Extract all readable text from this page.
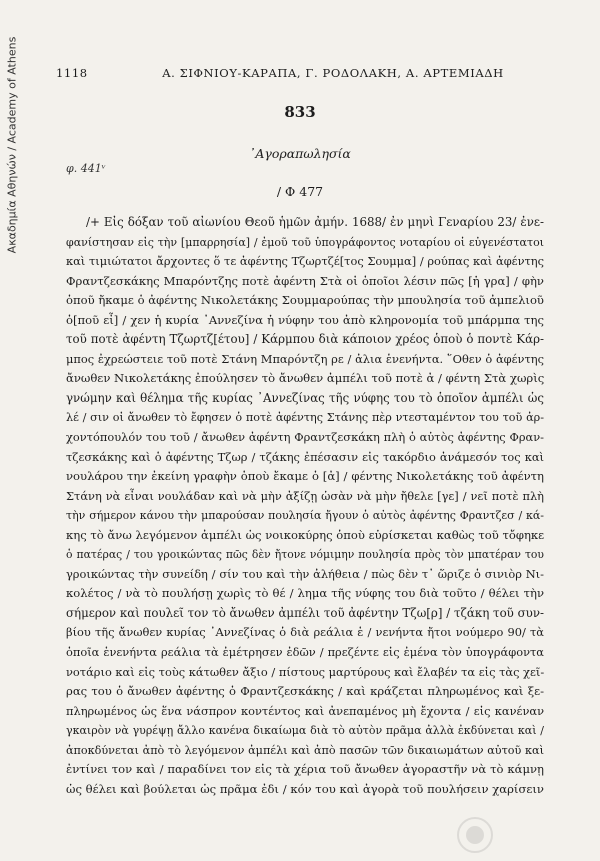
Ακαδημία Αθηνών / Academy of Athens	1118	Α. ΣΙΦΝΙΟΥ-ΚΑΡΑΠΑ, Γ. ΡΟΔΟΛΑΚΗ, Α. ΑΡΤΕΜΙΑΔΗ
833
᾿Αγοραπωλησία
φ. 441ᵛ
/ Φ 477
/+ Εἰς δόξαν τοῦ αἰωνίου Θεοῦ ἡμῶν ἀμήν. 1688/ ἐν μηνὶ Γεναρίου 23/ ἐνε-
φανίστησαν εἰς τὴν [μπαρρησία] / ἐμοῦ τοῦ ὑπογράφοντος νοταρίου οἱ εὐγενέστατοι
καὶ τιμιώτατοι ἄρχοντες ὅ τε ἀφέντης Τζωρτζέ[τος Σουμμα] / ρούπας καὶ ἀφέντης
Φραντζεσκάκης Μπαρόντζης ποτὲ ἀφέντη Στὰ οἱ ὁποῖοι λέσιν πῶς [ἡ γρα] / φὴν
ὁποῦ ἤκαμε ὁ ἀφέντης Νικολετάκης Σουμμαρούπας τὴν μπουλησία τοῦ ἀμπελιοῦ
ὁ[ποῦ εἶ] / χεν ἡ κυρία ᾿Αννεζίνα ἡ νύφην του ἀπὸ κληρονομία τοῦ μπάρμπα της
τοῦ ποτὲ ἀφέντη Τζωρτζ[έτου] / Κάρμπου διὰ κάποιον χρέος ὁποὺ ὁ ποντὲ Κάρ-
μπος ἐχρεώστειε τοῦ ποτὲ Στάνη Μπαρόντζη ρε / ἀλια ἑνενήντα. ῞Οθεν ὁ ἀφέντης
ἄνωθεν Νικολετάκης ἐπούλησεν τὸ ἄνωθεν ἀμπέλι τοῦ ποτὲ ἀ / φέντη Στὰ χωρὶς
γνώμην καὶ θέλημα τῆς κυρίας ᾿Αννεζίνας τῆς νύφης του τὸ ὁποῖον ἀμπέλι ὡς
λέ / σιν οἱ ἄνωθεν τὸ ἔφησεν ὁ ποτὲ ἀφέντης Στάνης πὲρ ντεσταμέντον του τοῦ ἀρ-
χοντόπουλόν του τοῦ / ἄνωθεν ἀφέντη Φραντζεσκάκη πλὴ ὁ αὐτὸς ἀφέντης Φραν-
τζεσκάκης καὶ ὁ ἀφέντης Τζωρ / τζάκης ἐπέσασιν εἰς τακόρδιο ἀνάμεσόν τος καὶ
νουλάρου την ἐκείνη γραφὴν ὁποὺ ἔκαμε ὁ [ἀ] / φέντης Νικολετάκης τοῦ ἀφέντη
Στάνη νὰ εἶναι νουλάδαν καὶ νὰ μὴν ἀξίζῃ ὡσὰν νὰ μὴν ἤθελε [γε] / νεῖ ποτὲ πλὴ
τὴν σήμερον κάνου τὴν μπαρούσαν πουλησία ἤγουν ὁ αὐτὸς ἀφέντης Φραντζεσ / κά-
κης τὸ ἄνω λεγόμενον ἀμπέλι ὡς νοικοκύρης ὁποὺ εὑρίσκεται καθὼς τοῦ τὄφηκε
ὁ πατέρας / του γροικώντας πῶς δὲν ἤτονε νόμιμην πουλησία πρὸς τὸν μπατέραν του
γροικώντας τὴν συνείδη / σίν του καὶ τὴν ἀλήθεια / πὼς δὲν τ᾿ ὥριζε ὁ σινιὸρ Νι-
κολέτος / νὰ τὸ πουλήσῃ χωρὶς τὸ θέ / λημα τῆς νύφης του διὰ τοῦτο / θέλει τὴν
σήμερον καὶ πουλεῖ τον τὸ ἄνωθεν ἀμπέλι τοῦ ἀφέντην Τζω[ρ] / τζάκη τοῦ συν-
βίου τῆς ἄνωθεν κυρίας ᾿Αννεζίνας ὁ διὰ ρεάλια ἑ / νενήντα ἤτοι νούμερο 90/ τὰ
ὁποῖα ἑνενήντα ρεάλια τὰ ἐμέτρησεν ἐδῶν / πρεζέντε εἰς ἐμένα τὸν ὑπογράφοντα
νοτάριο καὶ εἰς τοὺς κάτωθεν ἄξιο / πίστους μαρτύρους καὶ ἔλαβέν τα εἰς τὰς χεῖ-
ρας του ὁ ἄνωθεν ἀφέντης ὁ Φραντζεσκάκης / καὶ κράζεται πληρωμένος καὶ ξε-
πληρωμένος ὡς ἕνα νάσπρον κοντέντος καὶ ἀνεπαμένος μὴ ἔχοντα / εἰς κανέναν
γκαιρὸν νὰ γυρέψῃ ἄλλο κανένα δικαίωμα διὰ τὸ αὐτὸν πρᾶμα ἀλλὰ ἐκδύνεται καὶ /
ἀποκδύνεται ἀπὸ τὸ λεγόμενον ἀμπέλι καὶ ἀπὸ πασῶν τῶν δικαιωμάτων αὐτοῦ καὶ
ἐντίνει τον καὶ / παραδίνει τον εἰς τὰ χέρια τοῦ ἄνωθεν ἀγοραστῆν νὰ τὸ κάμνῃ
ὡς θέλει καὶ βούλεται ὡς πρᾶμα ἐδι / κόν του καὶ ἀγορὰ τοῦ πουλήσειν χαρίσειν
